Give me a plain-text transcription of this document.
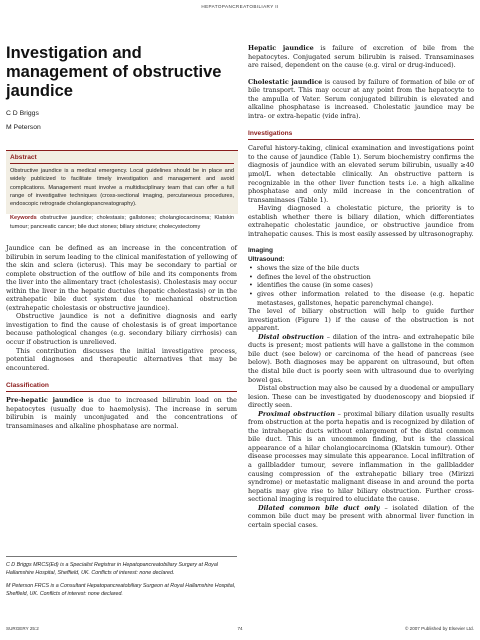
HEPATOPANCREATOBILIARY II
Investigation and management of obstructive jaundice
C D Briggs
M Peterson

Abstract

Obstructive jaundice is a medical emergency. Local guidelines should be in place and widely publicized to facilitate timely investigation and management and avoid complications. Management must involve a multidisciplinary team that can offer a full range of investigative techniques (cross-sectional imaging, percutaneous procedures, endoscopic retrograde cholangiopancreatography).

Keywords obstructive jaundice; cholestasis; gallstones; cholangiocarcinoma; Klatskin tumour; pancreatic cancer; bile duct stones; biliary stricture; cholecystectomy

Jaundice can be defined as an increase in the concentration of bilirubin in serum leading to the clinical manifestation of yellowing of the skin and sclera (icterus). This may be secondary to partial or complete obstruction of the outflow of bile and its components from the liver into the alimentary tract (cholestasis). Cholestasis may occur within the liver in the hepatic ductules (hepatic cholestasis) or in the extrahepatic bile duct system due to mechanical obstruction (extrahepatic cholestasis or obstructive jaundice).

Obstructive jaundice is not a definitive diagnosis and early investigation to find the cause of cholestasis is of great importance because pathological changes (e.g. secondary biliary cirrhosis) can occur if obstruction is unrelieved.

This contribution discusses the initial investigative process, potential diagnoses and therapeutic alternatives that may be encountered.

Classification

Pre-hepatic jaundice is due to increased bilirubin load on the hepatocytes (usually due to haemolysis). The increase in serum bilirubin is mainly unconjugated and the concentrations of transaminases and alkaline phosphatase are normal.

C D Briggs MRCS(Ed) is a Specialist Registrar in Hepatopancreatobiliary Surgery at Royal Hallamshire Hospital, Sheffield, UK. Conflicts of interest: none declared.

M Peterson FRCS is a Consultant Hepatopancreatobiliary Surgeon at Royal Hallamshire Hospital, Sheffield, UK. Conflicts of interest: none declared.

Hepatic jaundice is failure of excretion of bile from the hepatocytes. Conjugated serum bilirubin is raised. Transaminases are raised, dependent on the cause (e.g. viral or drug-induced).

Cholestatic jaundice is caused by failure of formation of bile or of bile transport. This may occur at any point from the hepatocyte to the ampulla of Vater. Serum conjugated bilirubin is elevated and alkaline phosphatase is increased. Cholestatic jaundice may be intra- or extra-hepatic (vide infra).

Investigations

Careful history-taking, clinical examination and investigations point to the cause of jaundice (Table 1). Serum biochemistry confirms the diagnosis of jaundice with an elevated serum bilirubin, usually ≥40 μmol/L when detectable clinically. An obstructive pattern is recognizable in the other liver function tests i.e. a high alkaline phosphatase and only mild increase in the concentration of transaminases (Table 1).

Having diagnosed a cholestatic picture, the priority is to establish whether there is biliary dilation, which differentiates extrahepatic cholestatic jaundice, or obstructive jaundice from intrahepatic causes. This is most easily assessed by ultrasonography.

Imaging
Ultrasound:
• shows the size of the bile ducts
• defines the level of the obstruction
• identifies the cause (in some cases)
• gives other information related to the disease (e.g. hepatic metastases, gallstones, hepatic parenchymal change).

The level of biliary obstruction will help to guide further investigation (Figure 1) if the cause of the obstruction is not apparent.

Distal obstruction – dilation of the intra- and extrahepatic bile ducts is present; most patients will have a gallstone in the common bile duct (see below) or carcinoma of the head of pancreas (see below). Both diagnoses may be apparent on ultrasound, but often the distal bile duct is poorly seen with ultrasound due to overlying bowel gas.

Distal obstruction may also be caused by a duodenal or ampullary lesion. These can be investigated by duodenoscopy and biopsied if directly seen.

Proximal obstruction – proximal biliary dilation usually results from obstruction at the porta hepatis and is recognized by dilation of the intrahepatic ducts without enlargement of the distal common bile duct. This is an uncommon finding, but is the classical appearance of a hilar cholangiocarcinoma (Klatskin tumour). Other disease processes may simulate this appearance. Local infiltration of a gallbladder tumour, severe inflammation in the gallbladder causing compression of the extrahepatic biliary tree (Mirizzi syndrome) or metastatic malignant disease in and around the porta hepatis may give rise to hilar biliary obstruction. Further cross-sectional imaging is required to elucidate the cause.

Dilated common bile duct only – isolated dilation of the common bile duct may be present with abnormal liver function in certain special cases.

SURGERY 25:2	74	© 2007 Published by Elsevier Ltd.
